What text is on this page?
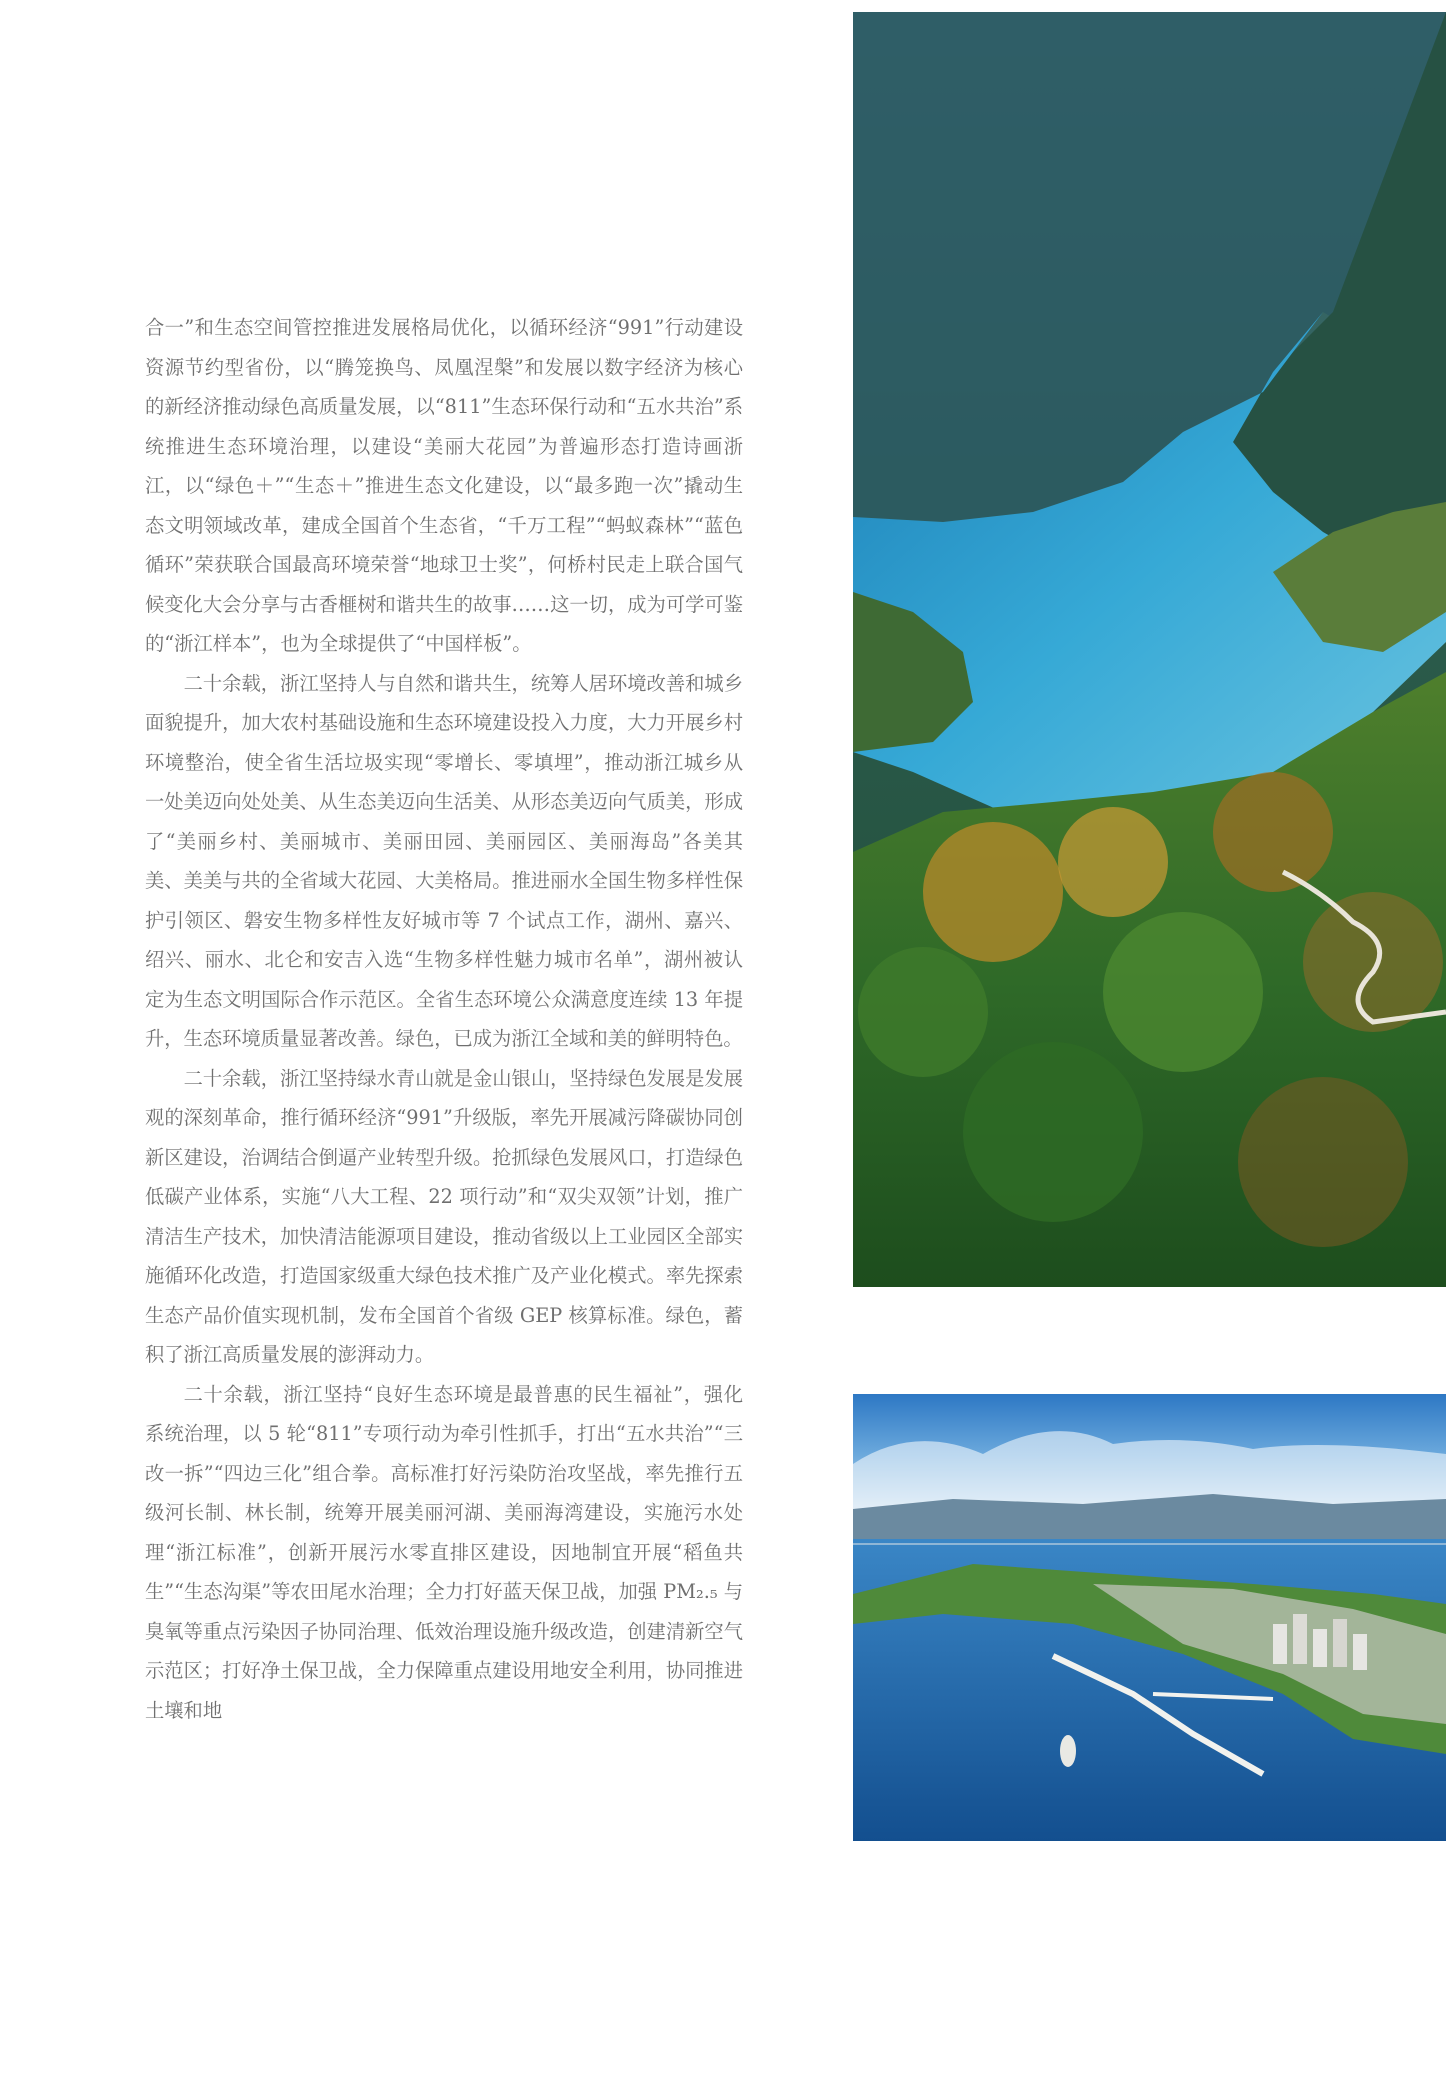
合一”和生态空间管控推进发展格局优化，以循环经济“991”行动建设资源节约型省份，以“腾笼换鸟、凤凰涅槃”和发展以数字经济为核心的新经济推动绿色高质量发展，以“811”生态环保行动和“五水共治”系统推进生态环境治理，以建设“美丽大花园”为普遍形态打造诗画浙江，以“绿色＋”“生态＋”推进生态文化建设，以“最多跑一次”撬动生态文明领域改革，建成全国首个生态省，“千万工程”“蚂蚁森林”“蓝色循环”荣获联合国最高环境荣誉“地球卫士奖”，何桥村民走上联合国气候变化大会分享与古香榧树和谐共生的故事……这一切，成为可学可鉴的“浙江样本”，也为全球提供了“中国样板”。

二十余载，浙江坚持人与自然和谐共生，统筹人居环境改善和城乡面貌提升，加大农村基础设施和生态环境建设投入力度，大力开展乡村环境整治，使全省生活垃圾实现“零增长、零填埋”，推动浙江城乡从一处美迈向处处美、从生态美迈向生活美、从形态美迈向气质美，形成了“美丽乡村、美丽城市、美丽田园、美丽园区、美丽海岛”各美其美、美美与共的全省域大花园、大美格局。推进丽水全国生物多样性保护引领区、磐安生物多样性友好城市等 7 个试点工作，湖州、嘉兴、绍兴、丽水、北仑和安吉入选“生物多样性魅力城市名单”，湖州被认定为生态文明国际合作示范区。全省生态环境公众满意度连续 13 年提升，生态环境质量显著改善。绿色，已成为浙江全域和美的鲜明特色。

二十余载，浙江坚持绿水青山就是金山银山，坚持绿色发展是发展观的深刻革命，推行循环经济“991”升级版，率先开展减污降碳协同创新区建设，治调结合倒逼产业转型升级。抢抓绿色发展风口，打造绿色低碳产业体系，实施“八大工程、22 项行动”和“双尖双领”计划，推广清洁生产技术，加快清洁能源项目建设，推动省级以上工业园区全部实施循环化改造，打造国家级重大绿色技术推广及产业化模式。率先探索生态产品价值实现机制，发布全国首个省级 GEP 核算标准。绿色，蓄积了浙江高质量发展的澎湃动力。

二十余载，浙江坚持“良好生态环境是最普惠的民生福祉”，强化系统治理，以 5 轮“811”专项行动为牵引性抓手，打出“五水共治”“三改一拆”“四边三化”组合拳。高标准打好污染防治攻坚战，率先推行五级河长制、林长制，统筹开展美丽河湖、美丽海湾建设，实施污水处理“浙江标准”，创新开展污水零直排区建设，因地制宜开展“稻鱼共生”“生态沟渠”等农田尾水治理；全力打好蓝天保卫战，加强 PM₂.₅ 与臭氧等重点污染因子协同治理、低效治理设施升级改造，创建清新空气示范区；打好净土保卫战，全力保障重点建设用地安全利用，协同推进土壤和地
